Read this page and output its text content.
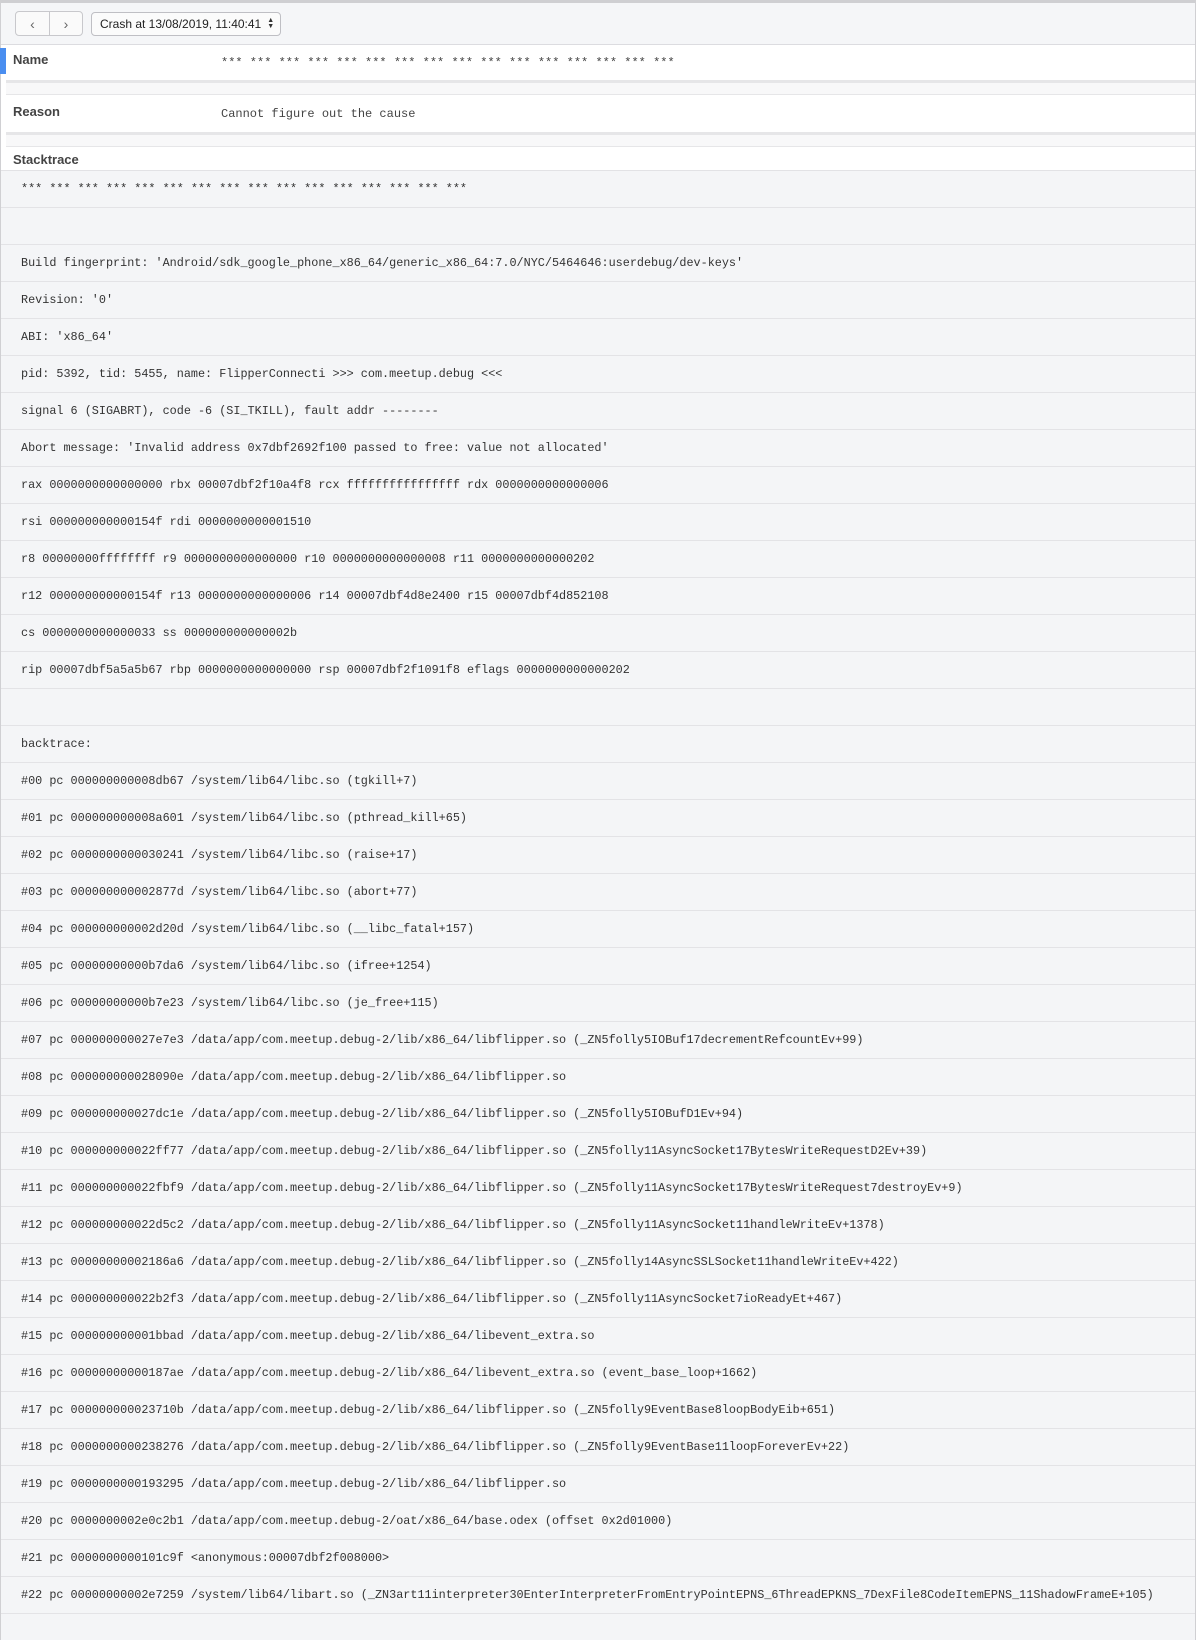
‹ ›	Crash at 13/08/2019, 11:40:41 ▲
▼
Name	*** *** *** *** *** *** *** *** *** *** *** *** *** *** *** ***
Reason	Cannot figure out the cause
Stacktrace
*** *** *** *** *** *** *** *** *** *** *** *** *** *** *** ***
Build fingerprint: 'Android/sdk_google_phone_x86_64/generic_x86_64:7.0/NYC/5464646:userdebug/dev-keys'
Revision: '0'
ABI: 'x86_64'
pid: 5392, tid: 5455, name: FlipperConnecti >>> com.meetup.debug <<<
signal 6 (SIGABRT), code -6 (SI_TKILL), fault addr --------
Abort message: 'Invalid address 0x7dbf2692f100 passed to free: value not allocated'
rax 0000000000000000 rbx 00007dbf2f10a4f8 rcx ffffffffffffffff rdx 0000000000000006
rsi 000000000000154f rdi 0000000000001510
r8 00000000ffffffff r9 0000000000000000 r10 0000000000000008 r11 0000000000000202
r12 000000000000154f r13 0000000000000006 r14 00007dbf4d8e2400 r15 00007dbf4d852108
cs 0000000000000033 ss 000000000000002b
rip 00007dbf5a5a5b67 rbp 0000000000000000 rsp 00007dbf2f1091f8 eflags 0000000000000202
backtrace:
#00 pc 000000000008db67 /system/lib64/libc.so (tgkill+7)
#01 pc 000000000008a601 /system/lib64/libc.so (pthread_kill+65)
#02 pc 0000000000030241 /system/lib64/libc.so (raise+17)
#03 pc 000000000002877d /system/lib64/libc.so (abort+77)
#04 pc 000000000002d20d /system/lib64/libc.so (__libc_fatal+157)
#05 pc 00000000000b7da6 /system/lib64/libc.so (ifree+1254)
#06 pc 00000000000b7e23 /system/lib64/libc.so (je_free+115)
#07 pc 000000000027e7e3 /data/app/com.meetup.debug-2/lib/x86_64/libflipper.so (_ZN5folly5IOBuf17decrementRefcountEv+99)
#08 pc 000000000028090e /data/app/com.meetup.debug-2/lib/x86_64/libflipper.so
#09 pc 000000000027dc1e /data/app/com.meetup.debug-2/lib/x86_64/libflipper.so (_ZN5folly5IOBufD1Ev+94)
#10 pc 000000000022ff77 /data/app/com.meetup.debug-2/lib/x86_64/libflipper.so (_ZN5folly11AsyncSocket17BytesWriteRequestD2Ev+39)
#11 pc 000000000022fbf9 /data/app/com.meetup.debug-2/lib/x86_64/libflipper.so (_ZN5folly11AsyncSocket17BytesWriteRequest7destroyEv+9)
#12 pc 000000000022d5c2 /data/app/com.meetup.debug-2/lib/x86_64/libflipper.so (_ZN5folly11AsyncSocket11handleWriteEv+1378)
#13 pc 00000000002186a6 /data/app/com.meetup.debug-2/lib/x86_64/libflipper.so (_ZN5folly14AsyncSSLSocket11handleWriteEv+422)
#14 pc 000000000022b2f3 /data/app/com.meetup.debug-2/lib/x86_64/libflipper.so (_ZN5folly11AsyncSocket7ioReadyEt+467)
#15 pc 000000000001bbad /data/app/com.meetup.debug-2/lib/x86_64/libevent_extra.so
#16 pc 00000000000187ae /data/app/com.meetup.debug-2/lib/x86_64/libevent_extra.so (event_base_loop+1662)
#17 pc 000000000023710b /data/app/com.meetup.debug-2/lib/x86_64/libflipper.so (_ZN5folly9EventBase8loopBodyEib+651)
#18 pc 0000000000238276 /data/app/com.meetup.debug-2/lib/x86_64/libflipper.so (_ZN5folly9EventBase11loopForeverEv+22)
#19 pc 0000000000193295 /data/app/com.meetup.debug-2/lib/x86_64/libflipper.so
#20 pc 0000000002e0c2b1 /data/app/com.meetup.debug-2/oat/x86_64/base.odex (offset 0x2d01000)
#21 pc 0000000000101c9f <anonymous:00007dbf2f008000>
#22 pc 00000000002e7259 /system/lib64/libart.so (_ZN3art11interpreter30EnterInterpreterFromEntryPointEPNS_6ThreadEPKNS_7DexFile8CodeItemEPNS_11ShadowFrameE+105)
